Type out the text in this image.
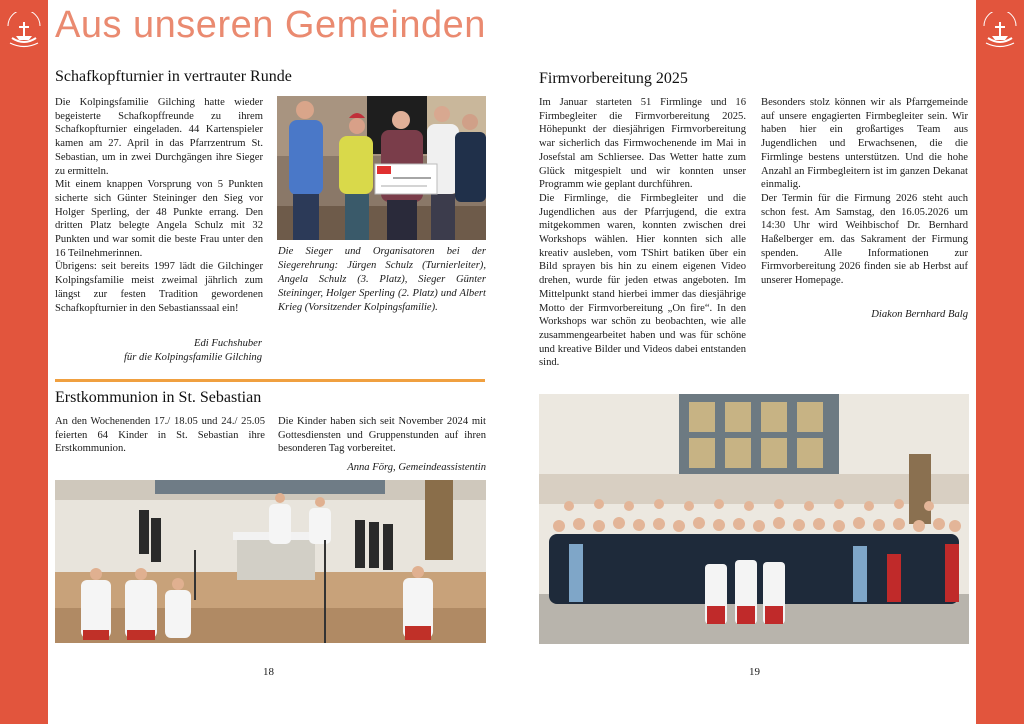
Aus unseren Gemeinden
Schafkopfturnier in vertrauter Runde

Die Kolpingsfamilie Gilching hatte wieder begeisterte Schafkopffreunde zu ihrem Schafkopfturnier eingeladen. 44 Kartenspieler kamen am 27. April in das Pfarrzentrum St. Sebastian, um in zwei Durchgängen ihre Sieger zu ermitteln.

Mit einem knappen Vorsprung von 5 Punkten sicherte sich Günter Steininger den Sieg vor Holger Sperling, der 48 Punkte errang. Den dritten Platz belegte Angela Schulz mit 32 Punkten und war somit die beste Frau unter den 16 Teilnehmerinnen.

Übrigens: seit bereits 1997 lädt die Gilchinger Kolpingsfamilie meist zweimal jährlich zum längst zur festen Tradition gewordenen Schafkopfturnier in den Sebastianssaal ein!

Edi Fuchshuber
für die Kolpingsfamilie Gilching
Die Sieger und Organisatoren bei der Siegerehrung: Jürgen Schulz (Turnierleiter), Angela Schulz (3. Platz), Sieger Günter Steininger, Holger Sperling (2. Platz) und Albert Krieg (Vorsitzender Kolpingsfamilie).
Erstkommunion in St. Sebastian
An den Wochenenden 17./ 18.05 und 24./ 25.05 feierten 64 Kinder in St. Sebastian ihre Erstkommunion.
Die Kinder haben sich seit November 2024 mit Gottesdiensten und Gruppenstunden auf ihren besonderen Tag vorbereitet.
Anna Förg, Gemeindeassistentin
Firmvorbereitung 2025

Im Januar starteten 51 Firmlinge und 16 Firmbegleiter die Firmvorbereitung 2025. Höhepunkt der diesjährigen Firmvorbereitung war sicherlich das Firmwochenende im Mai in Josefstal am Schliersee. Das Wetter hatte zum Glück mitgespielt und wir konnten unser Programm wie geplant durchführen.

Die Firmlinge, die Firmbegleiter und die Jugendlichen aus der Pfarrjugend, die extra mitgekommen waren, konnten zwischen drei Workshops wählen. Hier konnten sich alle kreativ ausleben, vom TShirt batiken über ein Bild sprayen bis hin zu einem eigenen Video drehen, wurde für jeden etwas angeboten. Im Mittelpunkt stand hierbei immer das diesjährige Motto der Firmvorbereitung „On fire“. In den Workshops war schön zu beobachten, wie alle zusammengearbeitet haben und was für schöne und kreative Bilder und Videos dabei entstanden sind.

Besonders stolz können wir als Pfarrgemeinde auf unsere engagierten Firmbegleiter sein. Wir haben hier ein großartiges Team aus Jugendlichen und Erwachsenen, die die Firmlinge bestens unterstützen. Und die hohe Anzahl an Firmbegleitern ist im ganzen Dekanat einmalig.

Der Termin für die Firmung 2026 steht auch schon fest. Am Samstag, den 16.05.2026 um 14:30 Uhr wird Weihbischof Dr. Bernhard Haßelberger em. das Sakrament der Firmung spenden. Alle Informationen zur Firmvorbereitung 2026 finden sie ab Herbst auf unserer Homepage.

Diakon Bernhard Balg
18	19
